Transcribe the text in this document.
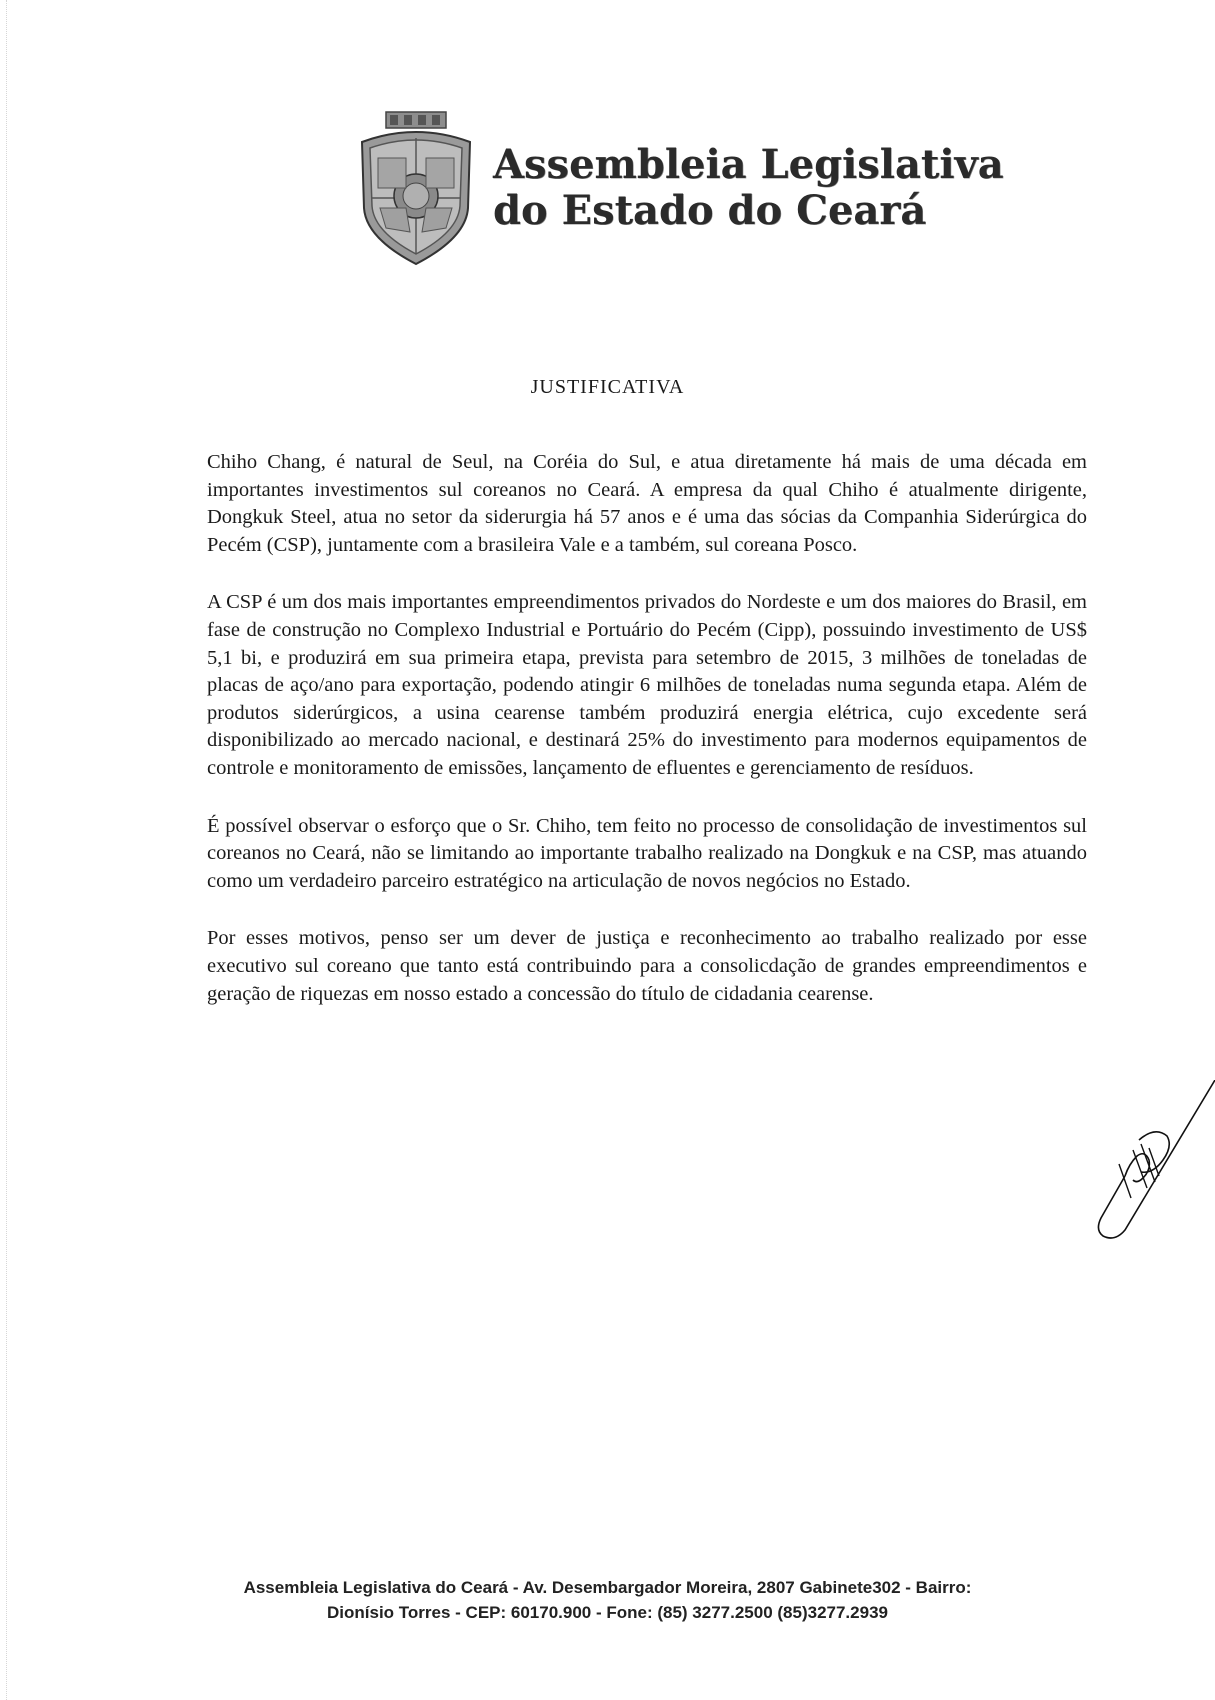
Assembleia Legislativa
do Estado do Ceará
JUSTIFICATIVA

Chiho Chang, é natural de Seul, na Coréia do Sul, e atua diretamente há mais de uma década em importantes investimentos sul coreanos no Ceará. A empresa da qual Chiho é atualmente dirigente, Dongkuk Steel, atua no setor da siderurgia há 57 anos e é uma das sócias da Companhia Siderúrgica do Pecém (CSP), juntamente com a brasileira Vale e a também, sul coreana Posco.

A CSP é um dos mais importantes empreendimentos privados do Nordeste e um dos maiores do Brasil, em fase de construção no Complexo Industrial e Portuário do Pecém (Cipp), possuindo investimento de US$ 5,1 bi, e produzirá em sua primeira etapa, prevista para setembro de 2015, 3 milhões de toneladas de placas de aço/ano para exportação, podendo atingir 6 milhões de toneladas numa segunda etapa. Além de produtos siderúrgicos, a usina cearense também produzirá energia elétrica, cujo excedente será disponibilizado ao mercado nacional, e destinará 25% do investimento para modernos equipamentos de controle e monitoramento de emissões, lançamento de efluentes e gerenciamento de resíduos.

É possível observar o esforço que o Sr. Chiho, tem feito no processo de consolidação de investimentos sul coreanos no Ceará, não se limitando ao importante trabalho realizado na Dongkuk e na CSP, mas atuando como um verdadeiro parceiro estratégico na articulação de novos negócios no Estado.

Por esses motivos, penso ser um dever de justiça e reconhecimento ao trabalho realizado por esse executivo sul coreano que tanto está contribuindo para a consolicdação de grandes empreendimentos e geração de riquezas em nosso estado a concessão do título de cidadania cearense.

Assembleia Legislativa do Ceará - Av. Desembargador Moreira, 2807 Gabinete302 - Bairro:
Dionísio Torres - CEP: 60170.900 - Fone: (85) 3277.2500 (85)3277.2939
